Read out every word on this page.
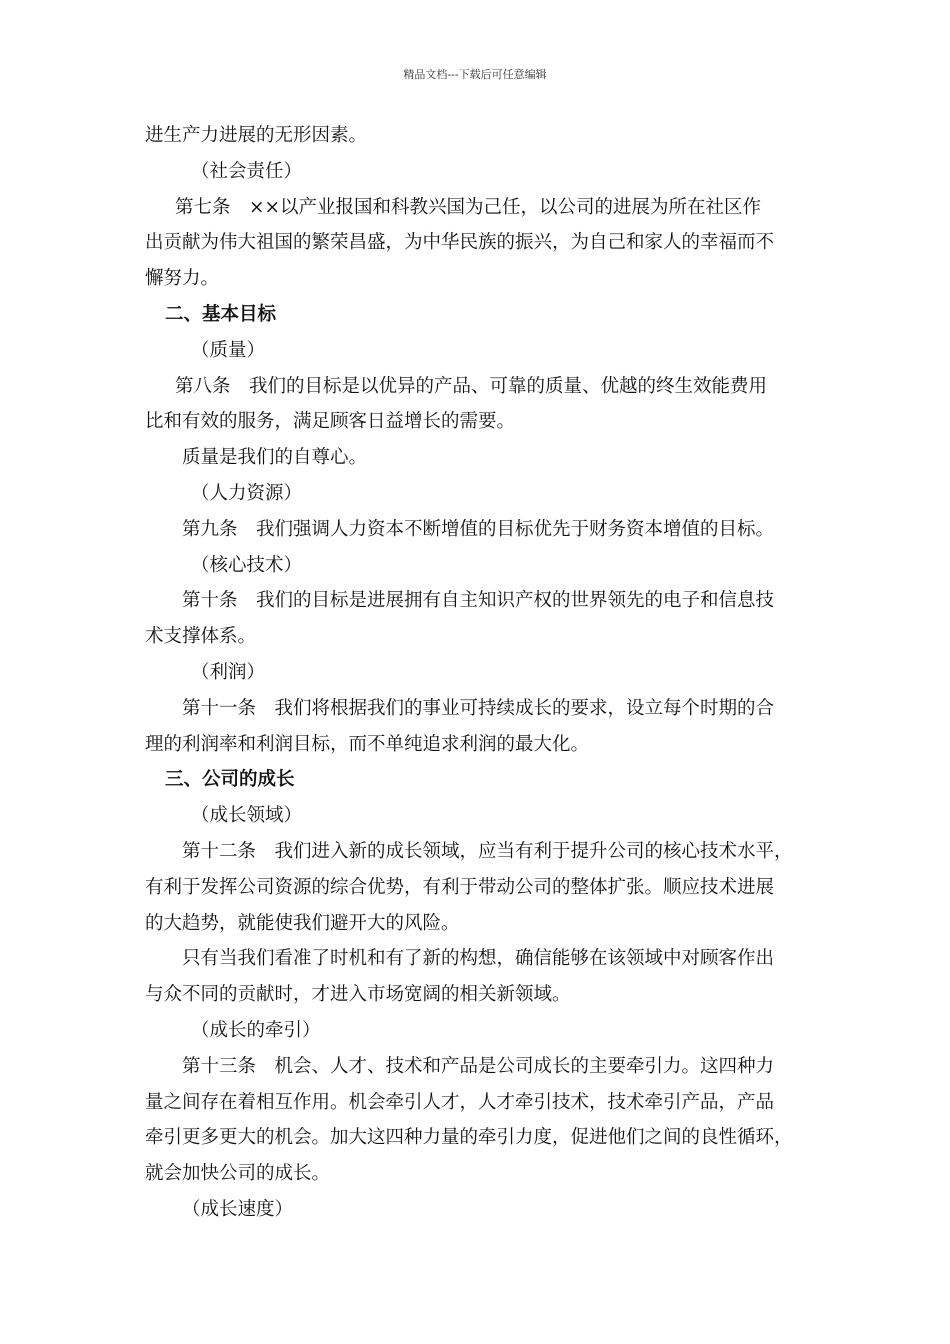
精品文档---下载后可任意编辑
进生产力进展的无形因素。
（社会责任）
第七条　××以产业报国和科教兴国为己任，以公司的进展为所在社区作
出贡献为伟大祖国的繁荣昌盛，为中华民族的振兴，为自己和家人的幸福而不
懈努力。
二、基本目标
（质量）
第八条　我们的目标是以优异的产品、可靠的质量、优越的终生效能费用
比和有效的服务，满足顾客日益增长的需要。
质量是我们的自尊心。
（人力资源）
第九条　我们强调人力资本不断增值的目标优先于财务资本增值的目标。
（核心技术）
第十条　我们的目标是进展拥有自主知识产权的世界领先的电子和信息技
术支撑体系。
（利润）
第十一条　我们将根据我们的事业可持续成长的要求，设立每个时期的合
理的利润率和利润目标，而不单纯追求利润的最大化。
三、公司的成长
（成长领域）
第十二条　我们进入新的成长领域，应当有利于提升公司的核心技术水平，
有利于发挥公司资源的综合优势，有利于带动公司的整体扩张。顺应技术进展
的大趋势，就能使我们避开大的风险。
只有当我们看准了时机和有了新的构想，确信能够在该领域中对顾客作出
与众不同的贡献时，才进入市场宽阔的相关新领域。
（成长的牵引）
第十三条　机会、人才、技术和产品是公司成长的主要牵引力。这四种力
量之间存在着相互作用。机会牵引人才，人才牵引技术，技术牵引产品，产品
牵引更多更大的机会。加大这四种力量的牵引力度，促进他们之间的良性循环，
就会加快公司的成长。
（成长速度）
